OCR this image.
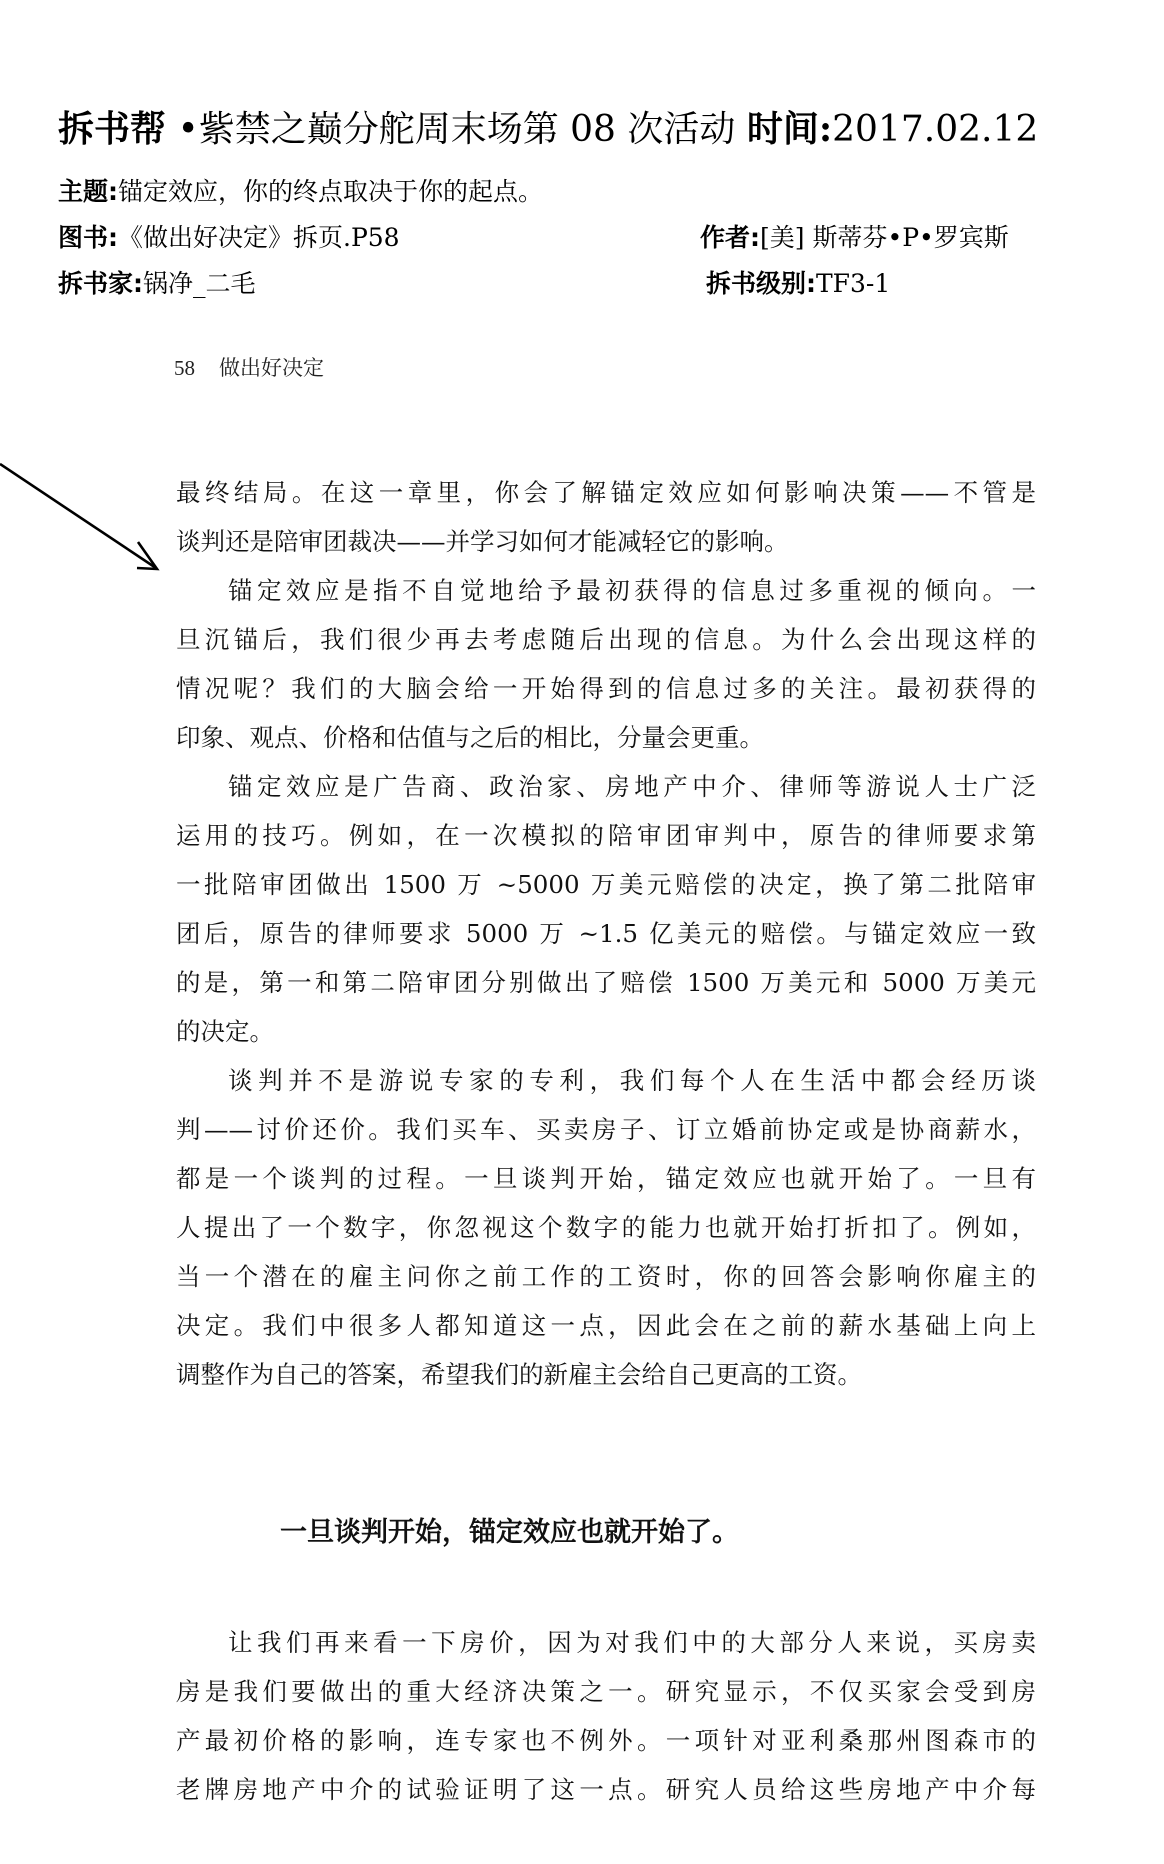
拆书帮 •紫禁之巅分舵周末场第 08 次活动 时间:2017.02.12
主题:锚定效应，你的终点取决于你的起点。
图书:《做出好决定》拆页.P58	作者:[美] 斯蒂芬•P•罗宾斯
拆书家:锅净_二毛	拆书级别:TF3-1
58 做出好决定

最终结局。在这一章里，你会了解锚定效应如何影响决策——不管是
谈判还是陪审团裁决——并学习如何才能减轻它的影响。

锚定效应是指不自觉地给予最初获得的信息过多重视的倾向。一
旦沉锚后，我们很少再去考虑随后出现的信息。为什么会出现这样的
情况呢？我们的大脑会给一开始得到的信息过多的关注。最初获得的
印象、观点、价格和估值与之后的相比，分量会更重。

锚定效应是广告商、政治家、房地产中介、律师等游说人士广泛
运用的技巧。例如，在一次模拟的陪审团审判中，原告的律师要求第
一批陪审团做出 1500 万 ~5000 万美元赔偿的决定，换了第二批陪审
团后，原告的律师要求 5000 万 ~1.5 亿美元的赔偿。与锚定效应一致
的是，第一和第二陪审团分别做出了赔偿 1500 万美元和 5000 万美元
的决定。

谈判并不是游说专家的专利，我们每个人在生活中都会经历谈
判——讨价还价。我们买车、买卖房子、订立婚前协定或是协商薪水，
都是一个谈判的过程。一旦谈判开始，锚定效应也就开始了。一旦有
人提出了一个数字，你忽视这个数字的能力也就开始打折扣了。例如，
当一个潜在的雇主问你之前工作的工资时，你的回答会影响你雇主的
决定。我们中很多人都知道这一点，因此会在之前的薪水基础上向上
调整作为自己的答案，希望我们的新雇主会给自己更高的工资。

一旦谈判开始，锚定效应也就开始了。

让我们再来看一下房价，因为对我们中的大部分人来说，买房卖
房是我们要做出的重大经济决策之一。研究显示，不仅买家会受到房
产最初价格的影响，连专家也不例外。一项针对亚利桑那州图森市的
老牌房地产中介的试验证明了这一点。研究人员给这些房地产中介每
